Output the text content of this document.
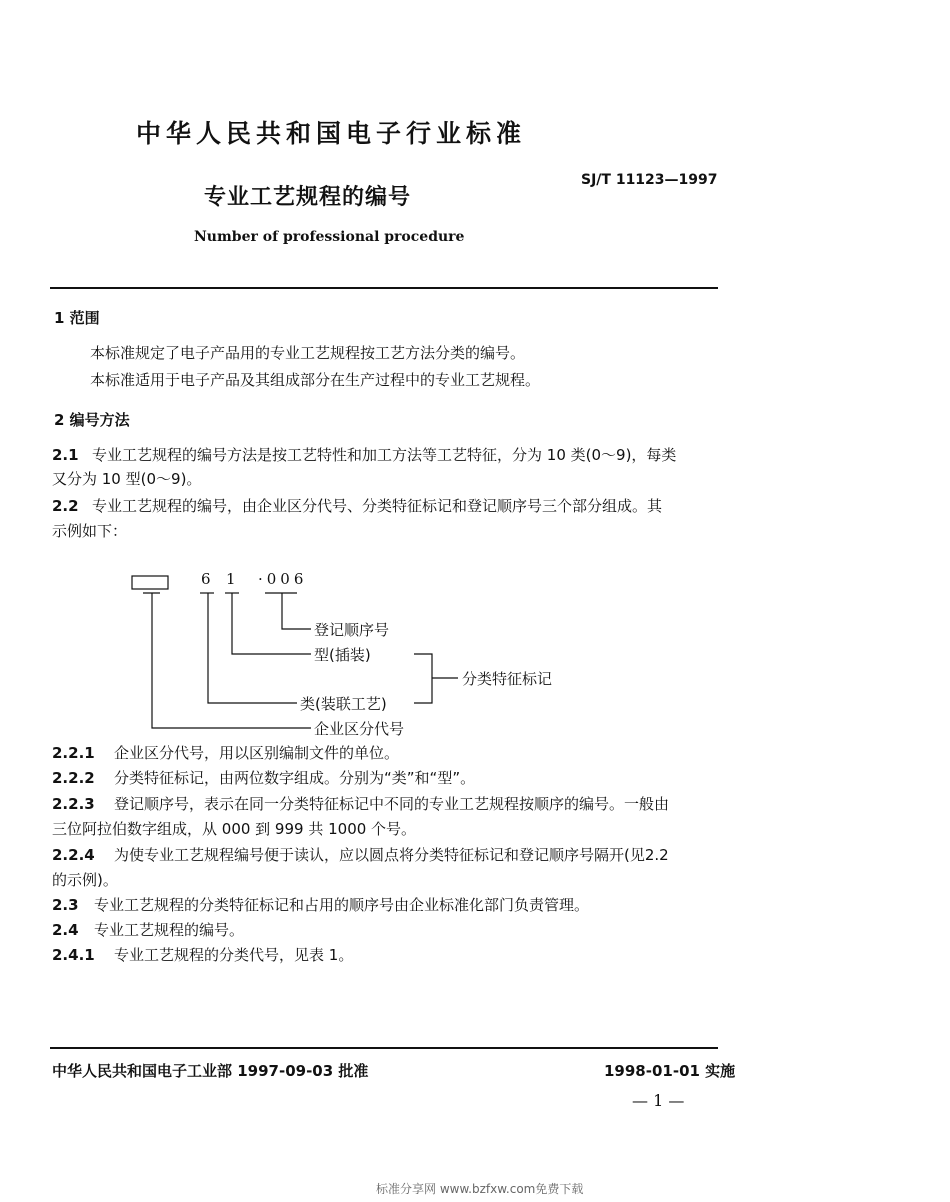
中华人民共和国电子行业标准
专业工艺规程的编号
SJ/T 11123—1997
Number of professional procedure
1 范围
本标准规定了电子产品用的专业工艺规程按工艺方法分类的编号。
本标准适用于电子产品及其组成部分在生产过程中的专业工艺规程。
2 编号方法
2.1 专业工艺规程的编号方法是按工艺特性和加工方法等工艺特征，分为 10 类(0～9)，每类
又分为 10 型(0～9)。
2.2 专业工艺规程的编号，由企业区分代号、分类特征标记和登记顺序号三个部分组成。其
示例如下：
6 1 ·006
登记顺序号
型(插装)
类(装联工艺)
分类特征标记
企业区分代号
2.2.1 企业区分代号，用以区别编制文件的单位。
2.2.2 分类特征标记，由两位数字组成。分别为“类”和“型”。
2.2.3 登记顺序号，表示在同一分类特征标记中不同的专业工艺规程按顺序的编号。一般由
三位阿拉伯数字组成，从 000 到 999 共 1000 个号。
2.2.4 为使专业工艺规程编号便于读认，应以圆点将分类特征标记和登记顺序号隔开(见2.2
的示例)。
2.3 专业工艺规程的分类特征标记和占用的顺序号由企业标准化部门负责管理。
2.4 专业工艺规程的编号。
2.4.1 专业工艺规程的分类代号，见表 1。
中华人民共和国电子工业部 1997-09-03 批准	1998-01-01 实施
— 1 —
标准分享网 www.bzfxw.com免费下载
